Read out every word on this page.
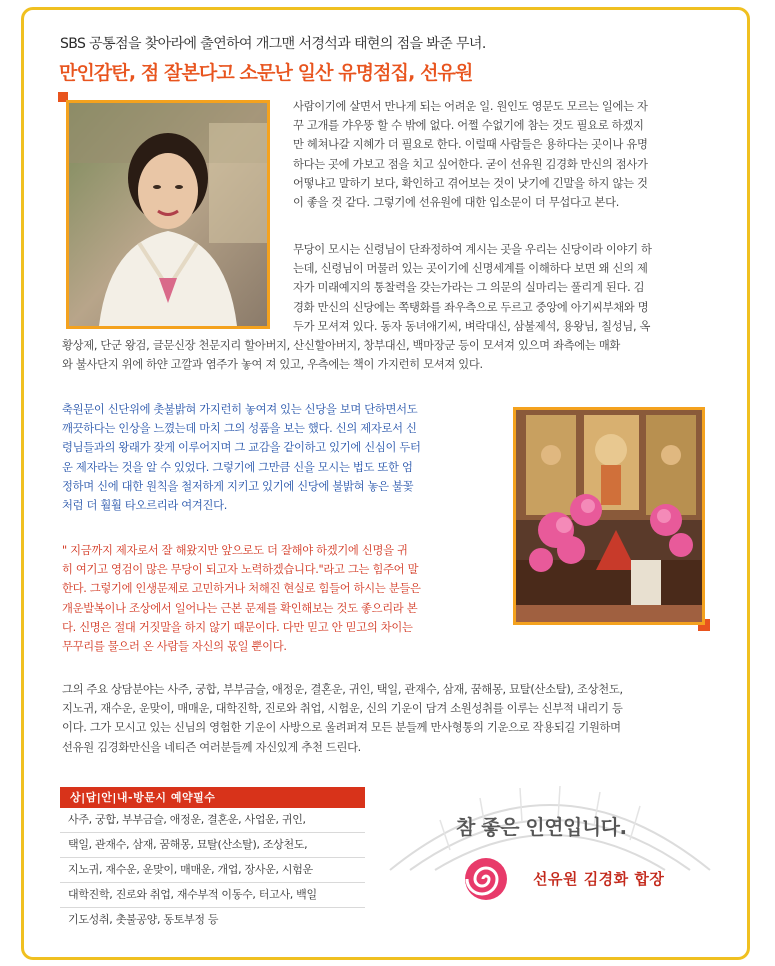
SBS 공통점을 찾아라에 출연하여 개그맨 서경석과 태현의 점을 봐준 무녀.
만인감탄, 점 잘본다고 소문난 일산 유명점집, 선유원

사람이기에 살면서 만나게 되는 어려운 일. 원인도 영문도 모르는 일에는 자
꾸 고개를 갸우뚱 할 수 밖에 없다. 어쩔 수없기에 참는 것도 필요로 하겠지
만 헤쳐나갈 지혜가 더 필요로 한다. 이럴때 사람들은 용하다는 곳이나 유명
하다는 곳에 가보고 점을 치고 싶어한다. 굳이 선유원 김경화 만신의 점사가
어떻냐고 말하기 보다, 확인하고 겪어보는 것이 낫기에 긴말을 하지 않는 것
이 좋을 것 같다. 그렇기에 선유원에 대한 입소문이 더 무섭다고 본다.

무당이 모시는 신령님이 단좌정하여 계시는 곳을 우리는 신당이라 이야기 하
는데, 신령님이 머물러 있는 곳이기에 신명세계를 이해하다 보면 왜 신의 제
자가 미래예지의 통찰력을 갖는가라는 그 의문의 실마리는 풀리게 된다. 김
경화 만신의 신당에는 쪽탱화를 좌우측으로 두르고 중앙에 아기씨부채와 명
두가 모셔져 있다. 동자 동녀애기씨, 벼락대신, 삼불제석, 용왕님, 칠성님, 옥

황상제, 단군 왕검, 글문신장 천문지리 할아버지, 산신할아버지, 창부대신, 백마장군 등이 모셔져 있으며 좌측에는 매화
와 불사단지 위에 하얀 고깔과 염주가 놓여 져 있고, 우측에는 책이 가지런히 모셔져 있다.

축원문이 신단위에 촛불밝혀 가지런히 놓여져 있는 신당을 보며 단하면서도
깨끗하다는 인상을 느꼈는데 마치 그의 성품을 보는 했다. 신의 제자로서 신
령님들과의 왕래가 잦게 이루어지며 그 교감을 같이하고 있기에 신심이 두터
운 제자라는 것을 알 수 있었다. 그렇기에 그만큼 신을 모시는 법도 또한 엄
정하며 신에 대한 원칙을 철저하게 지키고 있기에 신당에 불밝혀 놓은 불꽃
처럼 더 훨훨 타오르리라 여겨진다.

" 지금까지 제자로서 잘 해왔지만 앞으로도 더 잘해야 하겠기에 신명을 귀
히 여기고 영검이 많은 무당이 되고자 노력하겠습니다."라고 그는 힘주어 말
한다. 그렇기에 인생문제로 고민하거나 처해진 현실로 힘들어 하시는 분들은
개운발복이나 조상에서 일어나는 근본 문제를 확인해보는 것도 좋으리라 본
다. 신명은 절대 거짓말을 하지 않기 때문이다. 다만 믿고 안 믿고의 차이는
무꾸리를 물으러 온 사람들 자신의 몫일 뿐이다.

그의 주요 상담분야는 사주, 궁합, 부부금슬, 애정운, 결혼운, 귀인, 택일, 관재수, 삼재, 꿈해몽, 묘탈(산소탈), 조상천도,
지노귀, 재수운, 운맞이, 매매운, 대학진학, 진로와 취업, 시험운, 신의 기운이 담겨 소원성취를 이루는 신부적 내리기 등
이다. 그가 모시고 있는 신님의 영험한 기운이 사방으로 울려퍼져 모든 분들께 만사형통의 기운으로 작용되길 기원하며
선유원 김경화만신을 네티즌 여러분들께 자신있게 추천 드린다.

상|담|안|내-방문시 예약필수
사주, 궁합, 부부금슬, 애정운, 결혼운, 사업운, 귀인,
택일, 관재수, 삼재, 꿈해몽, 묘탈(산소탈), 조상천도,
지노귀, 재수운, 운맞이, 매매운, 개업, 장사운, 시험운
대학진학, 진로와 취업, 재수부적 이동수, 터고사, 백일
기도성취, 촛불공양, 동토부정 등
참 좋은 인연입니다.
선유원 김경화 합장
